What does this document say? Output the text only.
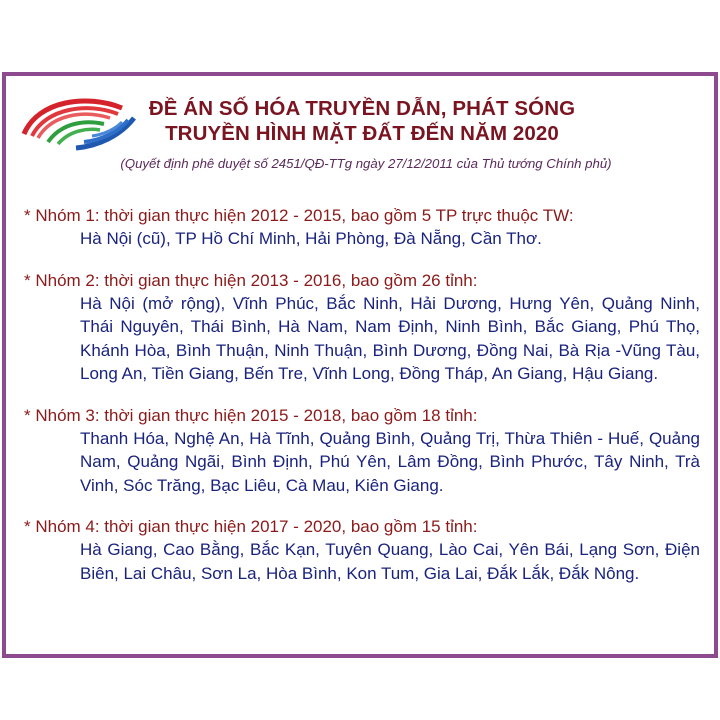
ĐỀ ÁN SỐ HÓA TRUYỀN DẪN, PHÁT SÓNG
TRUYỀN HÌNH MẶT ĐẤT ĐẾN NĂM 2020
(Quyết định phê duyệt số 2451/QĐ-TTg ngày 27/12/2011 của Thủ tướng Chính phủ)
* Nhóm 1: thời gian thực hiện 2012 - 2015, bao gồm 5 TP trực thuộc TW:
Hà Nội (cũ), TP Hồ Chí Minh, Hải Phòng, Đà Nẵng, Cần Thơ.
* Nhóm 2: thời gian thực hiện 2013 - 2016, bao gồm 26 tỉnh:
Hà Nội (mở rộng), Vĩnh Phúc, Bắc Ninh, Hải Dương, Hưng Yên, Quảng Ninh, Thái Nguyên, Thái Bình, Hà Nam, Nam Định, Ninh Bình, Bắc Giang, Phú Thọ, Khánh Hòa, Bình Thuận, Ninh Thuận, Bình Dương, Đồng Nai, Bà Rịa -Vũng Tàu, Long An, Tiền Giang, Bến Tre, Vĩnh Long, Đồng Tháp, An Giang, Hậu Giang.
* Nhóm 3: thời gian thực hiện 2015 - 2018, bao gồm 18 tỉnh:
Thanh Hóa, Nghệ An, Hà Tĩnh, Quảng Bình, Quảng Trị, Thừa Thiên - Huế, Quảng Nam, Quảng Ngãi, Bình Định, Phú Yên, Lâm Đồng, Bình Phước, Tây Ninh, Trà Vinh, Sóc Trăng, Bạc Liêu, Cà Mau, Kiên Giang.
* Nhóm 4: thời gian thực hiện 2017 - 2020, bao gồm 15 tỉnh:
Hà Giang, Cao Bằng, Bắc Kạn, Tuyên Quang, Lào Cai, Yên Bái, Lạng Sơn, Điện Biên, Lai Châu, Sơn La, Hòa Bình, Kon Tum, Gia Lai, Đắk Lắk, Đắk Nông.
